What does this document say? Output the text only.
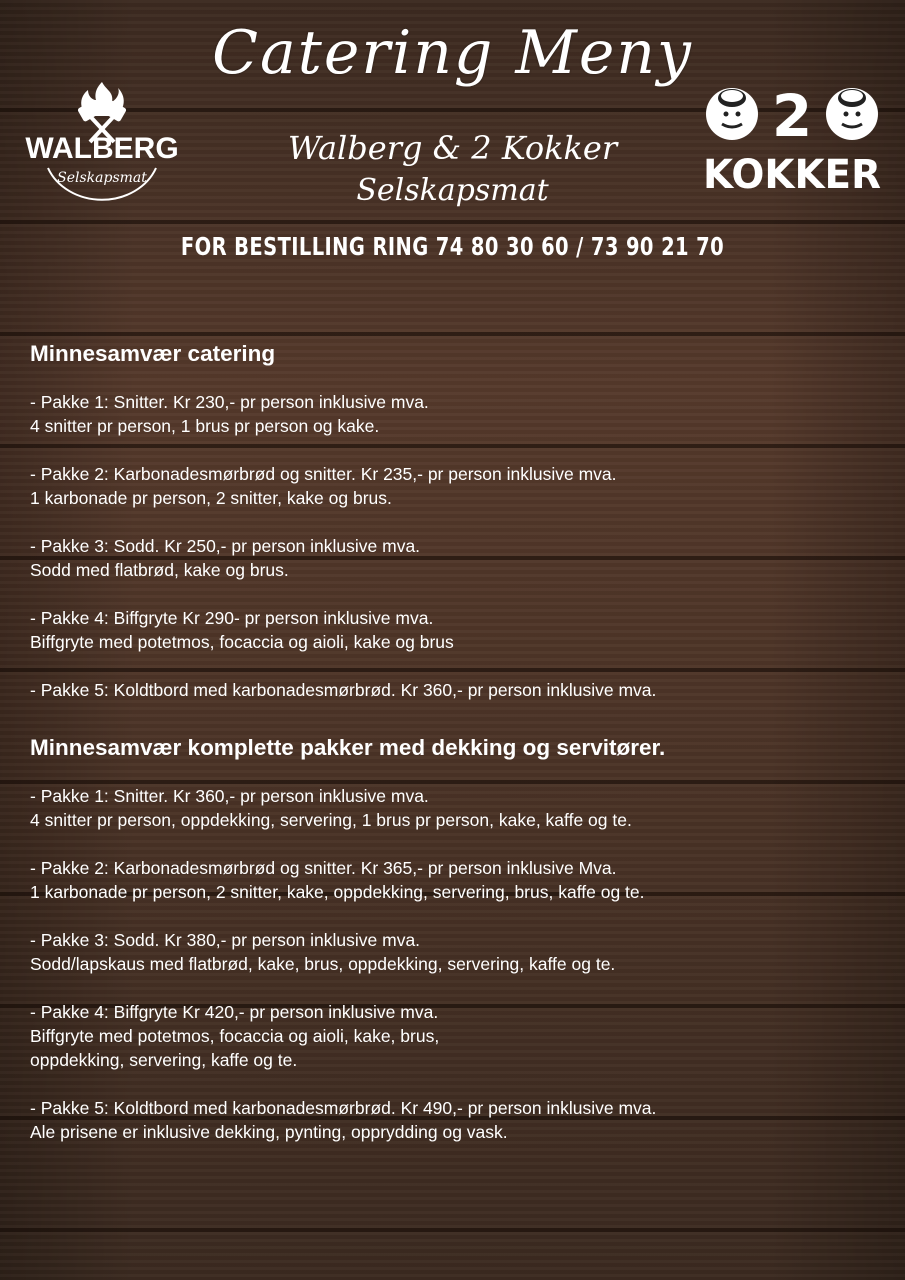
Catering Meny
WALBERG
Selskapsmat
2
KOKKER
Walberg & 2 Kokker
Selskapsmat
FOR BESTILLING RING 74 80 30 60 / 73 90 21 70
Minnesamvær catering

- Pakke 1: Snitter. Kr 230,- pr person inklusive mva.

4 snitter pr person, 1 brus pr person og kake.

- Pakke 2: Karbonadesmørbrød og snitter. Kr 235,- pr person inklusive mva.

1 karbonade pr person, 2 snitter, kake og brus.

- Pakke 3: Sodd. Kr 250,- pr person inklusive mva.

Sodd med flatbrød, kake og brus.

- Pakke 4: Biffgryte Kr 290- pr person inklusive mva.

Biffgryte med potetmos, focaccia og aioli, kake og brus

- Pakke 5: Koldtbord med karbonadesmørbrød. Kr 360,- pr person inklusive mva.

Minnesamvær komplette pakker med dekking og servitører.

- Pakke 1: Snitter. Kr 360,- pr person inklusive mva.

4 snitter pr person, oppdekking, servering, 1 brus pr person, kake, kaffe og te.

- Pakke 2: Karbonadesmørbrød og snitter. Kr 365,- pr person inklusive Mva.

1 karbonade pr person, 2 snitter, kake, oppdekking, servering, brus, kaffe og te.

- Pakke 3: Sodd. Kr 380,- pr person inklusive mva.

Sodd/lapskaus med flatbrød, kake, brus, oppdekking, servering, kaffe og te.

- Pakke 4: Biffgryte Kr 420,- pr person inklusive mva.

Biffgryte med potetmos, focaccia og aioli, kake, brus,

oppdekking, servering, kaffe og te.

- Pakke 5: Koldtbord med karbonadesmørbrød. Kr 490,- pr person inklusive mva.

Ale prisene er inklusive dekking, pynting, opprydding og vask.
